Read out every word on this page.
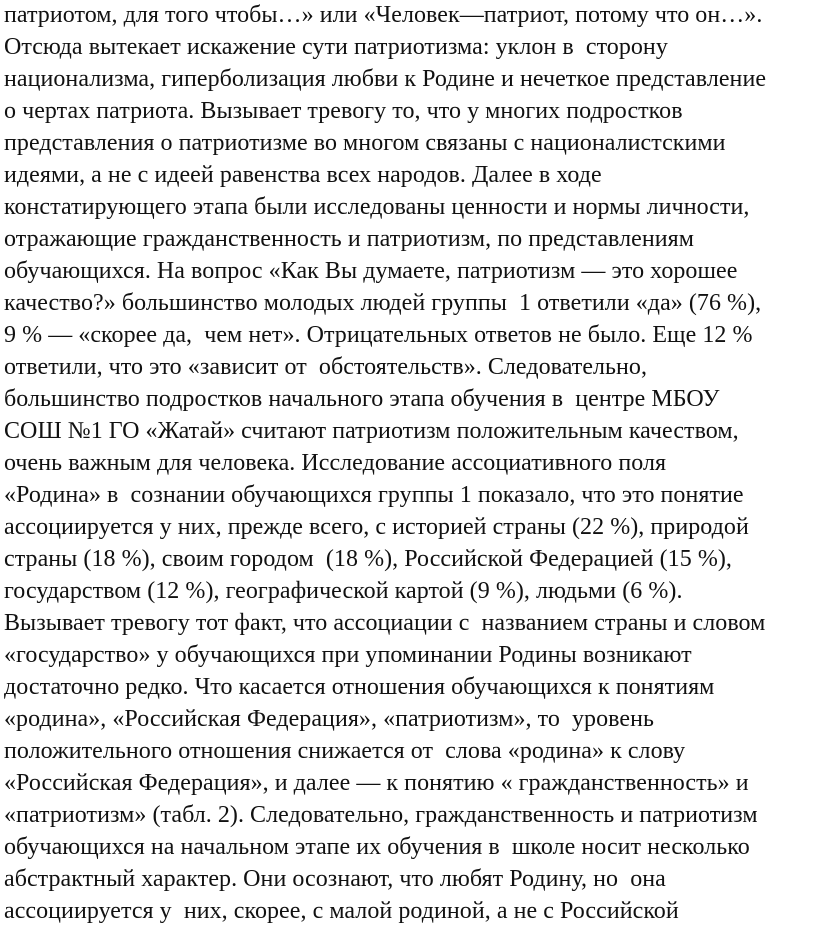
патриотом, для того чтобы…» или «Человек—патриот, потому что он…».
Отсюда вытекает искажение сути патриотизма: уклон в  сторону
национализма, гиперболизация любви к Родине и нечеткое представление
о чертах патриота. Вызывает тревогу то, что у многих подростков
представления о патриотизме во многом связаны с националистскими
идеями, а не с идеей равенства всех народов. Далее в ходе
констатирующего этапа были исследованы ценности и нормы личности,
отражающие гражданственность и патриотизм, по представлениям
обучающихся. На вопрос «Как Вы думаете, патриотизм — это хорошее
качество?» большинство молодых людей группы  1 ответили «да» (76 %),
9 % — «скорее да,  чем нет». Отрицательных ответов не было. Еще 12 %
ответили, что это «зависит от  обстоятельств». Следовательно,
большинство подростков начального этапа обучения в  центре МБОУ
СОШ №1 ГО «Жатай» считают патриотизм положительным качеством,
очень важным для человека. Исследование ассоциативного поля
«Родина» в  сознании обучающихся группы 1 показало, что это понятие
ассоциируется у них, прежде всего, с историей страны (22 %), природой
страны (18 %), своим городом  (18 %), Российской Федерацией (15 %),
государством (12 %), географической картой (9 %), людьми (6 %).
Вызывает тревогу тот факт, что ассоциации с  названием страны и словом
«государство» у обучающихся при упоминании Родины возникают
достаточно редко. Что касается отношения обучающихся к понятиям
«родина», «Российская Федерация», «патриотизм», то  уровень
положительного отношения снижается от  слова «родина» к слову
«Российская Федерация», и далее — к понятию « гражданственность» и
«патриотизм» (табл. 2). Следовательно, гражданственность и патриотизм
обучающихся на начальном этапе их обучения в  школе носит несколько
абстрактный характер. Они осознают, что любят Родину, но  она
ассоциируется у  них, скорее, с малой родиной, а не с Российской
